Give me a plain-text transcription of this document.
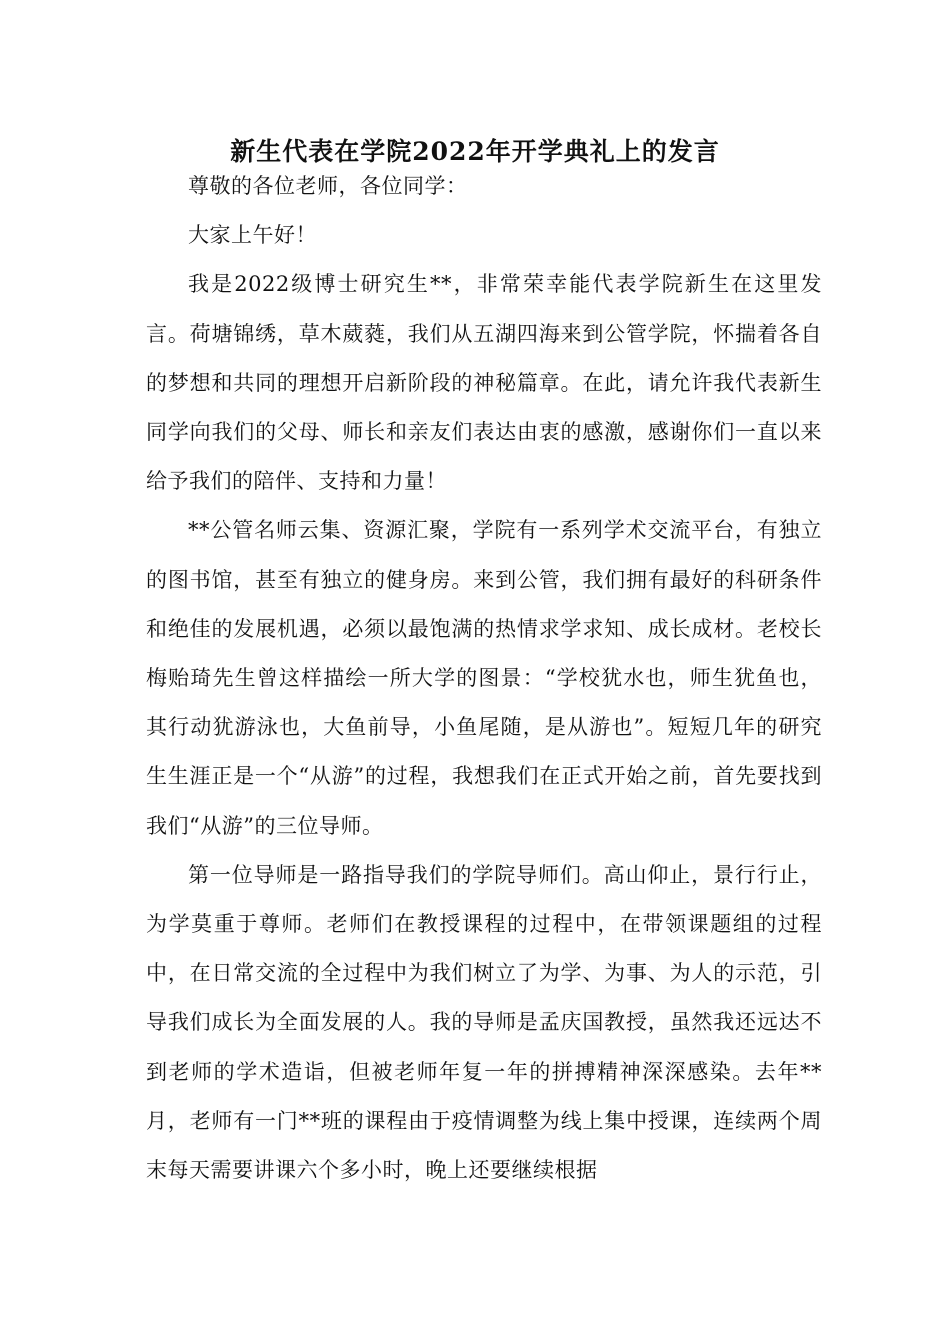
新生代表在学院2022年开学典礼上的发言

尊敬的各位老师，各位同学：

大家上午好！

我是2022级博士研究生**，非常荣幸能代表学院新生在这里发言。荷塘锦绣，草木葳蕤，我们从五湖四海来到公管学院，怀揣着各自的梦想和共同的理想开启新阶段的神秘篇章。在此，请允许我代表新生同学向我们的父母、师长和亲友们表达由衷的感激，感谢你们一直以来给予我们的陪伴、支持和力量！

**公管名师云集、资源汇聚，学院有一系列学术交流平台，有独立的图书馆，甚至有独立的健身房。来到公管，我们拥有最好的科研条件和绝佳的发展机遇，必须以最饱满的热情求学求知、成长成材。老校长梅贻琦先生曾这样描绘一所大学的图景：“学校犹水也，师生犹鱼也，其行动犹游泳也，大鱼前导，小鱼尾随，是从游也”。短短几年的研究生生涯正是一个“从游”的过程，我想我们在正式开始之前，首先要找到我们“从游”的三位导师。

第一位导师是一路指导我们的学院导师们。高山仰止，景行行止，为学莫重于尊师。老师们在教授课程的过程中，在带领课题组的过程中，在日常交流的全过程中为我们树立了为学、为事、为人的示范，引导我们成长为全面发展的人。我的导师是孟庆国教授，虽然我还远达不到老师的学术造诣，但被老师年复一年的拼搏精神深深感染。去年**月，老师有一门**班的课程由于疫情调整为线上集中授课，连续两个周末每天需要讲课六个多小时，晚上还要继续根据
